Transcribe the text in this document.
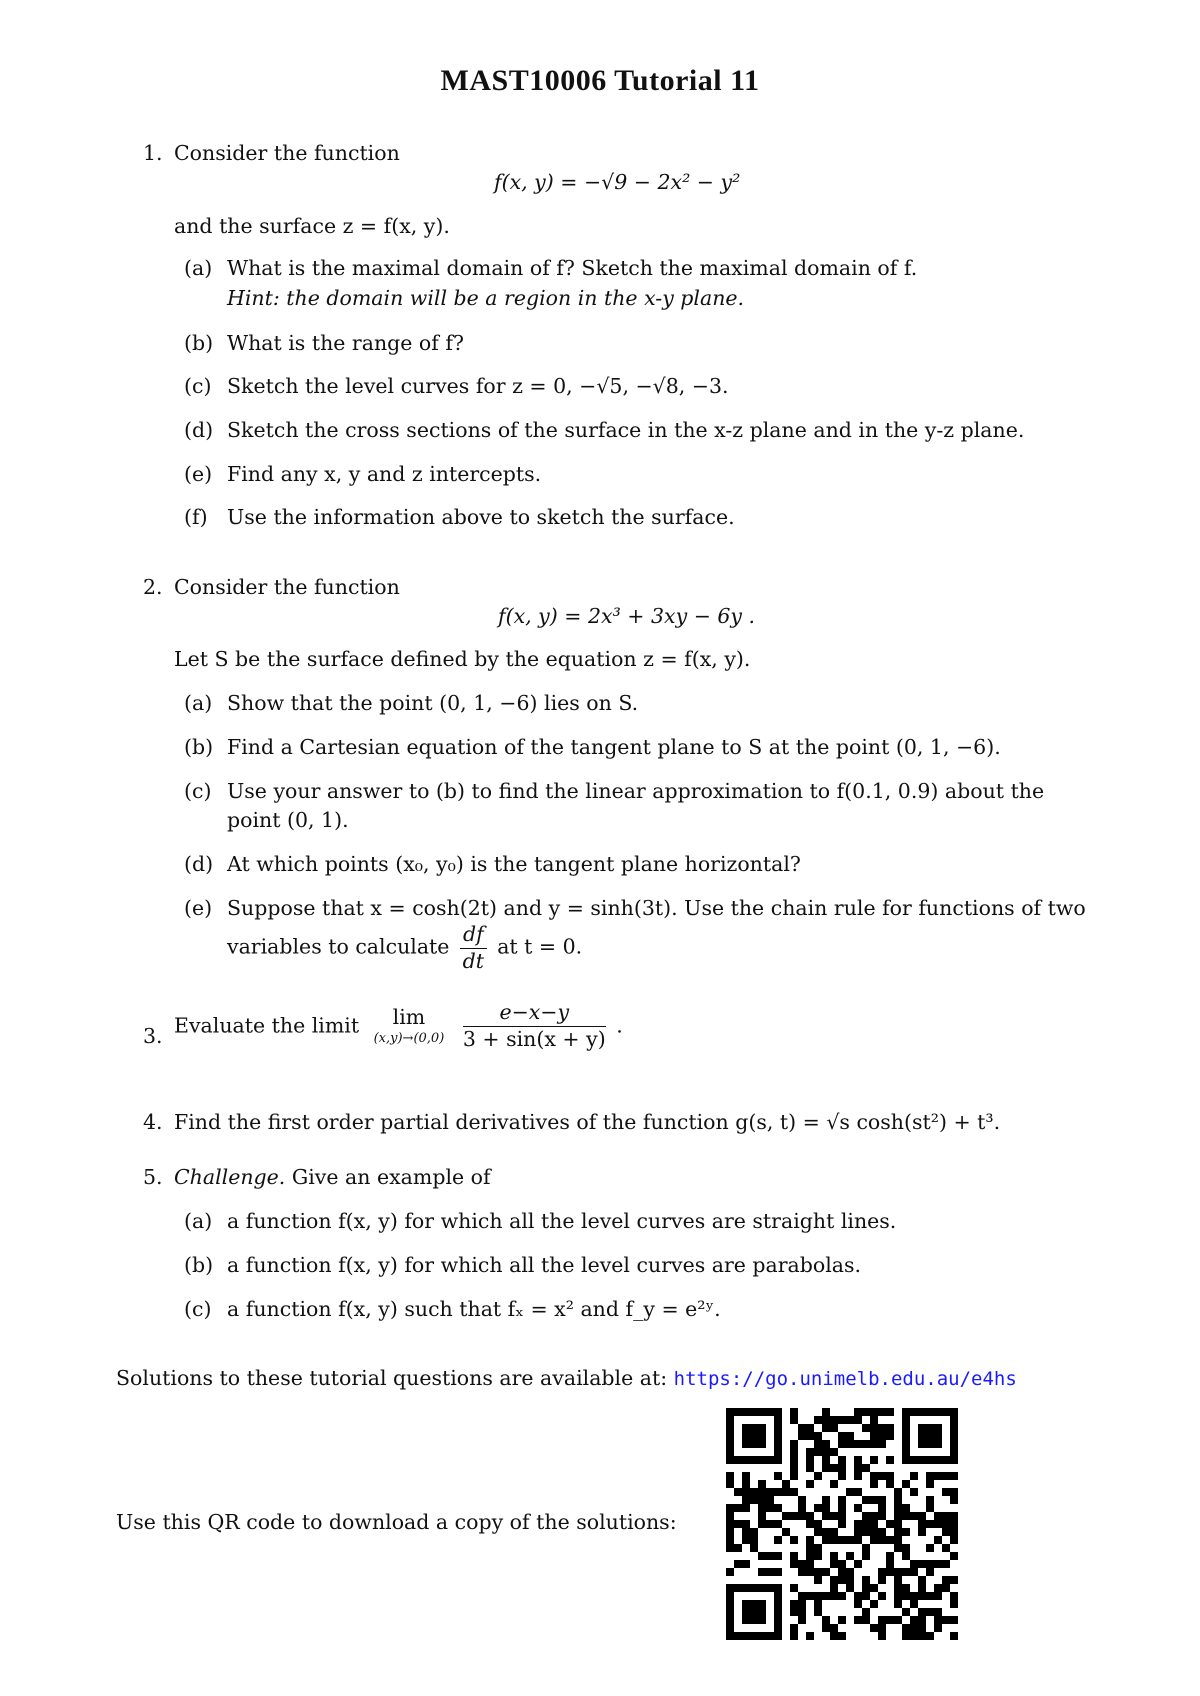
MAST10006 Tutorial 11
1. Consider the function
f(x, y) = −√9 − 2x² − y²
and the surface z = f(x, y).
(a) What is the maximal domain of f? Sketch the maximal domain of f.
Hint: the domain will be a region in the x-y plane.
(b) What is the range of f?
(c) Sketch the level curves for z = 0, −√5, −√8, −3.
(d) Sketch the cross sections of the surface in the x-z plane and in the y-z plane.
(e) Find any x, y and z intercepts.
(f) Use the information above to sketch the surface.
2. Consider the function
f(x, y) = 2x³ + 3xy − 6y .
Let S be the surface defined by the equation z = f(x, y).
(a) Show that the point (0, 1, −6) lies on S.
(b) Find a Cartesian equation of the tangent plane to S at the point (0, 1, −6).
(c) Use your answer to (b) to find the linear approximation to f(0.1, 0.9) about the
point (0, 1).
(d) At which points (x₀, y₀) is the tangent plane horizontal?
(e) Suppose that x = cosh(2t) and y = sinh(3t). Use the chain rule for functions of two
variables to calculate $\frac{df}{dt}$ at t = 0.
3. Evaluate the limit	lim
(x,y)→(0,0)
$\frac{e-x-y}{3 + \sin(x + y)}$ .
4. Find the first order partial derivatives of the function g(s, t) = √s cosh(st²) + t³.
5. Challenge. Give an example of
(a) a function f(x, y) for which all the level curves are straight lines.
(b) a function f(x, y) for which all the level curves are parabolas.
(c) a function f(x, y) such that fₓ = x² and f_y = e²ʸ.
Solutions to these tutorial questions are available at: https://go.unimelb.edu.au/e4hs
Use this QR code to download a copy of the solutions:
